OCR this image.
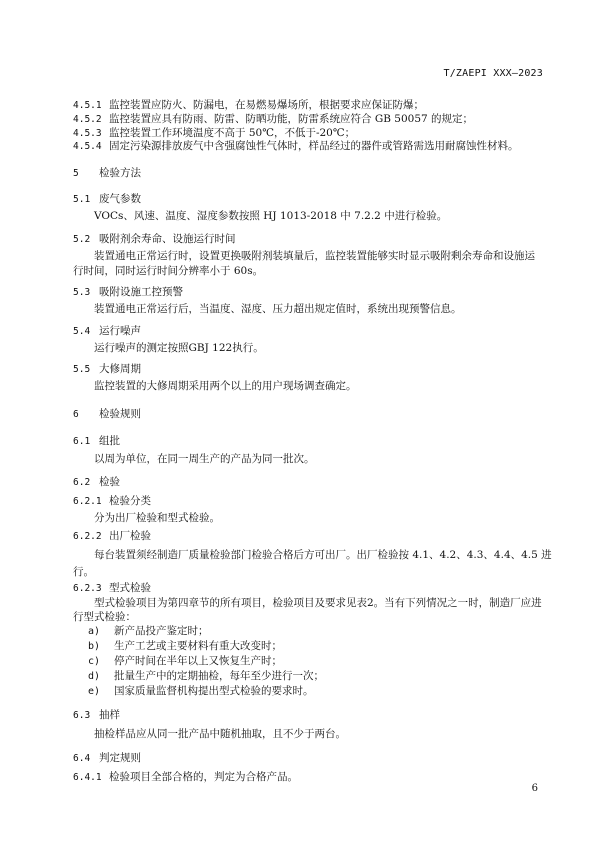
T/ZAEPI XXX—2023
4.5.1 监控装置应防火、防漏电，在易燃易爆场所，根据要求应保证防爆；
4.5.2 监控装置应具有防雨、防雷、防晒功能，防雷系统应符合 GB 50057 的规定；
4.5.3 监控装置工作环境温度不高于 50℃，不低于-20℃；
4.5.4 固定污染源排放废气中含强腐蚀性气体时，样品经过的器件或管路需选用耐腐蚀性材料。
5 检验方法
5.1 废气参数
VOCs、风速、温度、湿度参数按照 HJ 1013-2018 中 7.2.2 中进行检验。
5.2 吸附剂余寿命、设施运行时间
装置通电正常运行时，设置更换吸附剂装填量后，监控装置能够实时显示吸附剩余寿命和设施运
行时间，同时运行时间分辨率小于 60s。
5.3 吸附设施工控预警
装置通电正常运行后，当温度、湿度、压力超出规定值时，系统出现预警信息。
5.4 运行噪声
运行噪声的测定按照GBJ 122执行。
5.5 大修周期
监控装置的大修周期采用两个以上的用户现场调查确定。
6 检验规则
6.1 组批
以周为单位，在同一周生产的产品为同一批次。
6.2 检验
6.2.1 检验分类
分为出厂检验和型式检验。
6.2.2 出厂检验
每台装置须经制造厂质量检验部门检验合格后方可出厂。出厂检验按 4.1、4.2、4.3、4.4、4.5 进
行。
6.2.3 型式检验
型式检验项目为第四章节的所有项目，检验项目及要求见表2。当有下列情况之一时，制造厂应进
行型式检验：
a) 新产品投产鉴定时；
b) 生产工艺或主要材料有重大改变时；
c) 停产时间在半年以上又恢复生产时；
d) 批量生产中的定期抽检，每年至少进行一次；
e) 国家质量监督机构提出型式检验的要求时。
6.3 抽样
抽检样品应从同一批产品中随机抽取，且不少于两台。
6.4 判定规则
6.4.1 检验项目全部合格的，判定为合格产品。
6
